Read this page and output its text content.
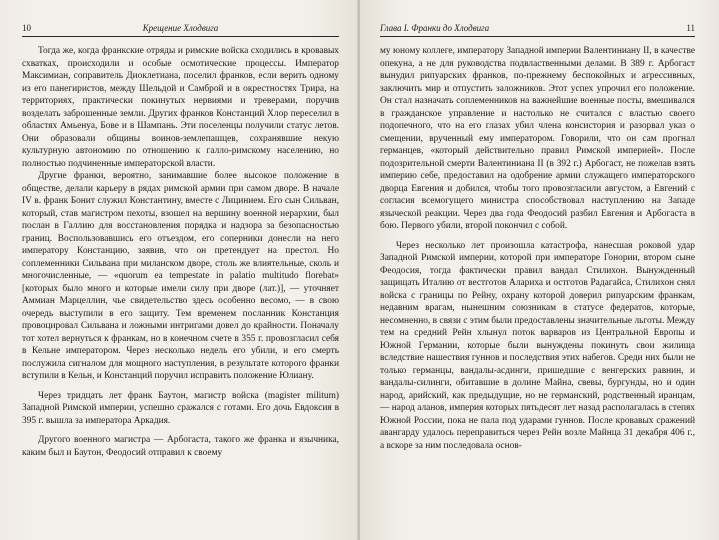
10	Крещение Хлодвига

Тогда же, когда франкские отряды и римские войска сходились в кровавых схватках, происходили и особые осмотические процессы. Император Максимиан, соправитель Диоклетиана, поселил франков, если верить одному из его панегиристов, между Шельдой и Самброй и в окрестностях Трира, на территориях, практически покинутых нервиями и треверами, поручив возделать заброшенные земли. Других франков Констанций Хлор переселил в областях Амьенуа, Бове и в Шампань. Эти поселенцы получили статус летов. Они образовали общины воинов-землепашцев, сохранявшие некую культурную автономию по отношению к галло-римскому населению, но полностью подчиненные императорской власти.

Другие франки, вероятно, занимавшие более высокое положение в обществе, делали карьеру в рядах римской армии при самом дворе. В начале IV в. франк Бонит служил Константину, вместе с Лицинием. Его сын Сильван, который, став магистром пехоты, взошел на вершину военной иерархии, был послан в Галлию для восстановления порядка и надзора за безопасностью границ. Воспользовавшись его отъездом, его соперники донесли на него императору Констанцию, заявив, что он претендует на престол. Но соплеменники Сильвана при миланском дворе, столь же влиятельные, сколь и многочисленные, — «quorum ea tempestate in palatio multitudo florebat» [которых было много и которые имели силу при дворе (лат.)], — уточняет Аммиан Марцеллин, чье свидетельство здесь особенно весомо, — в свою очередь выступили в его защиту. Тем временем посланник Констанция провоцировал Сильвана и ложными интригами довел до крайности. Поначалу тот хотел вернуться к франкам, но в конечном счете в 355 г. провозгласил себя в Кельне императором. Через несколько недель его убили, и его смерть послужила сигналом для мощного наступления, в результате которого франки вступили в Кельн, и Констанций поручил исправить положение Юлиану.

Через тридцать лет франк Баутон, магистр войска (magister militum) Западной Римской империи, успешно сражался с готами. Его дочь Евдоксия в 395 г. вышла за императора Аркадия.

Другого военного магистра — Арбогаста, такого же франка и язычника, каким был и Баутон, Феодосий отправил к своему

Глава I. Франки до Хлодвига	11

му юному коллеге, императору Западной империи Валентиниану II, в качестве опекуна, а не для руководства подвлаственными делами. В 389 г. Арбогаст вынудил рипуарских франков, по-прежнему беспокойных и агрессивных, заключить мир и отпустить заложников. Этот успех упрочил его положение. Он стал назначать соплеменников на важнейшие военные посты, вмешивался в гражданское управление и настолько не считался с властью своего подопечного, что на его глазах убил члена консистория и разорвал указ о смещении, врученный ему императором. Говорили, что он сам прогнал германцев, «который действительно правил Римской империей». После подозрительной смерти Валентиниана II (в 392 г.) Арбогаст, не пожелав взять империю себе, предоставил на одобрение армии служащего императорского дворца Евгения и добился, чтобы того провозгласили августом, а Евгений с согласия всемогущего министра способствовал наступлению на Западе языческой реакции. Через два года Феодосий разбил Евгения и Арбогаста в бою. Первого убили, второй покончил с собой.

Через несколько лет произошла катастрофа, нанесшая роковой удар Западной Римской империи, которой при императоре Гонории, втором сыне Феодосия, тогда фактически правил вандал Стилихон. Вынужденный защищать Италию от вестготов Алариха и остготов Радагайса, Стилихон снял войска с границы по Рейну, охрану которой доверил рипуарским франкам, недавним врагам, нынешним союзникам в статусе федератов, которые, несомненно, в связи с этим были предоставлены значительные льготы. Между тем на средний Рейн хлынул поток варваров из Центральной Европы и Южной Германии, которые были вынуждены покинуть свои жилища вследствие нашествия гуннов и последствия этих набегов. Среди них были не только германцы, вандалы-асдинги, пришедшие с венгерских равнин, и вандалы-силинги, обитавшие в долине Майна, свевы, бургунды, но и один народ, арийский, как предыдущие, но не германский, родственный иранцам, — народ аланов, империя которых пятьдесят лет назад располагалась в степях Южной России, пока не пала под ударами гуннов. После кровавых сражений авангарду удалось переправиться через Рейн возле Майнца 31 декабря 406 г., а вскоре за ним последовала основ-
